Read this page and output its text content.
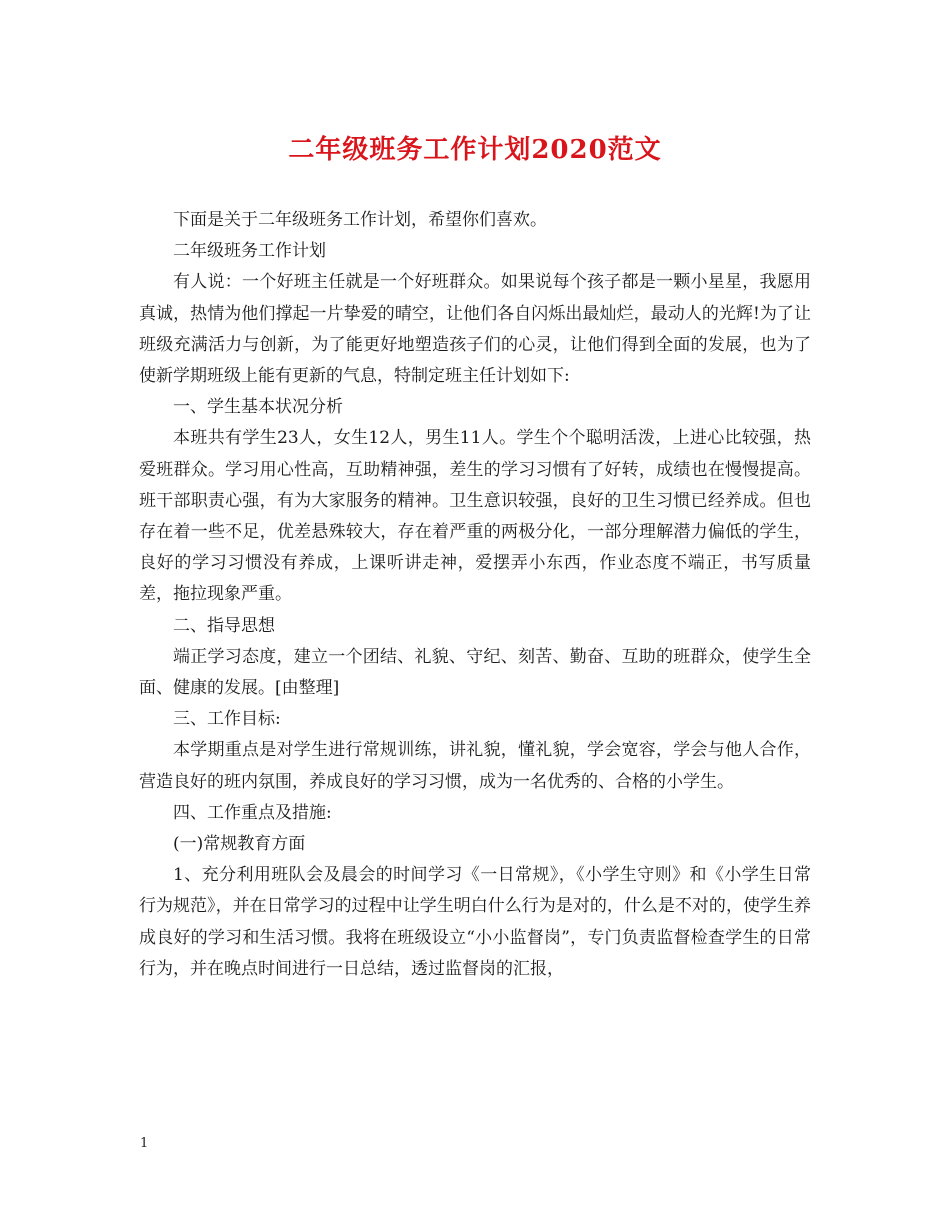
二年级班务工作计划2020范文

下面是关于二年级班务工作计划，希望你们喜欢。

二年级班务工作计划

有人说：一个好班主任就是一个好班群众。如果说每个孩子都是一颗小星星，我愿用真诚，热情为他们撑起一片挚爱的晴空，让他们各自闪烁出最灿烂，最动人的光辉!为了让班级充满活力与创新，为了能更好地塑造孩子们的心灵，让他们得到全面的发展，也为了使新学期班级上能有更新的气息，特制定班主任计划如下:

一、学生基本状况分析

本班共有学生23人，女生12人，男生11人。学生个个聪明活泼，上进心比较强，热爱班群众。学习用心性高，互助精神强，差生的学习习惯有了好转，成绩也在慢慢提高。班干部职责心强，有为大家服务的精神。卫生意识较强，良好的卫生习惯已经养成。但也存在着一些不足，优差悬殊较大，存在着严重的两极分化，一部分理解潜力偏低的学生，良好的学习习惯没有养成，上课听讲走神，爱摆弄小东西，作业态度不端正，书写质量差，拖拉现象严重。

二、指导思想

端正学习态度，建立一个团结、礼貌、守纪、刻苦、勤奋、互助的班群众，使学生全面、健康的发展。[由整理]

三、工作目标:

本学期重点是对学生进行常规训练，讲礼貌，懂礼貌，学会宽容，学会与他人合作，营造良好的班内氛围，养成良好的学习习惯，成为一名优秀的、合格的小学生。

四、工作重点及措施:

(一)常规教育方面

1、充分利用班队会及晨会的时间学习《一日常规》，《小学生守则》和《小学生日常行为规范》，并在日常学习的过程中让学生明白什么行为是对的，什么是不对的，使学生养成良好的学习和生活习惯。我将在班级设立“小小监督岗”，专门负责监督检查学生的日常行为，并在晚点时间进行一日总结，透过监督岗的汇报，

1
